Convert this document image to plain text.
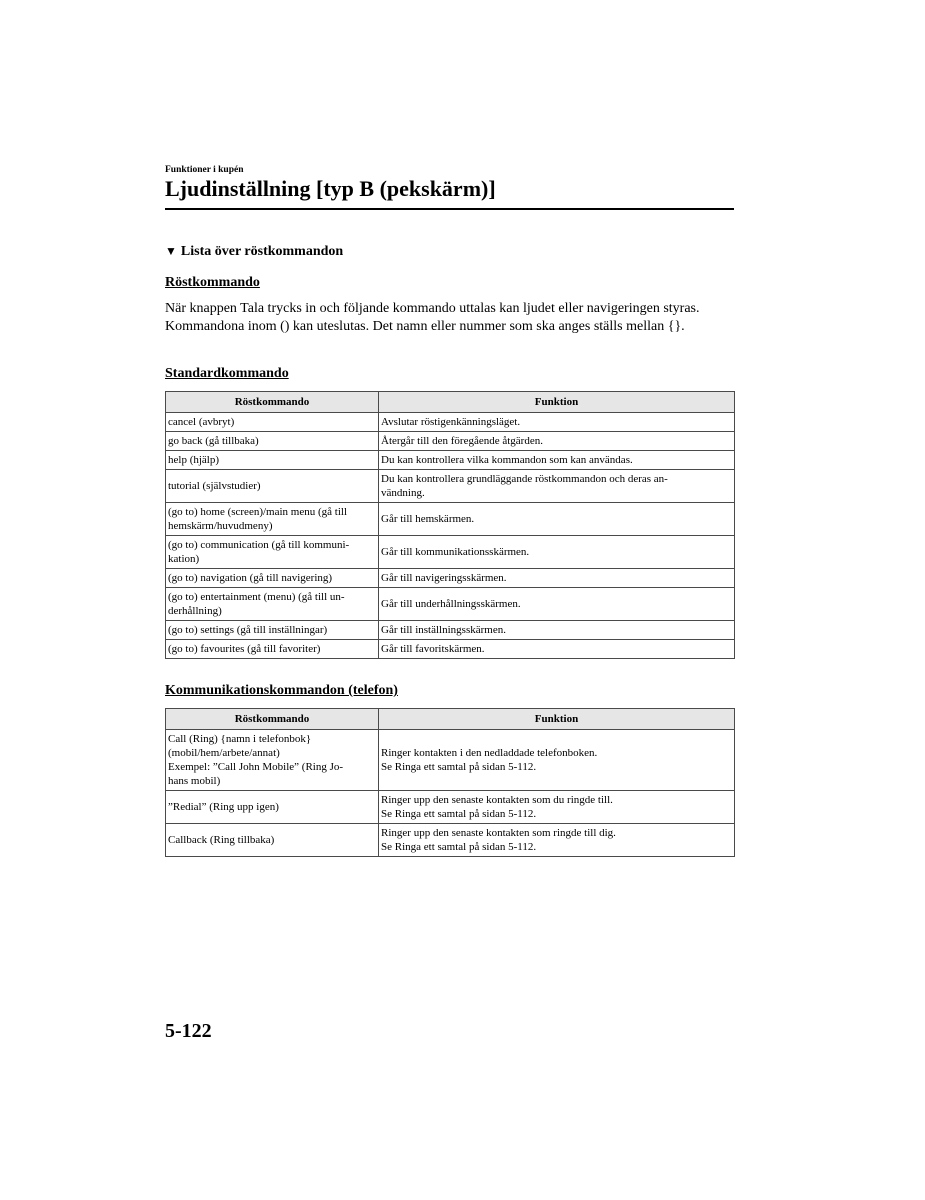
Funktioner i kupén
Ljudinställning [typ B (pekskärm)]
▼ Lista över röstkommandon
Röstkommando

När knappen Tala trycks in och följande kommando uttalas kan ljudet eller navigeringen styras. Kommandona inom () kan uteslutas. Det namn eller nummer som ska anges ställs mellan {}.

Standardkommando
Röstkommando	Funktion
cancel (avbryt)	Avslutar röstigenkänningsläget.
go back (gå tillbaka)	Återgår till den föregående åtgärden.
help (hjälp)	Du kan kontrollera vilka kommandon som kan användas.
tutorial (självstudier)	Du kan kontrollera grundläggande röstkommandon och deras an-
vändning.
(go to) home (screen)/main menu (gå till
hemskärm/huvudmeny)	Går till hemskärmen.
(go to) communication (gå till kommuni-
kation)	Går till kommunikationsskärmen.
(go to) navigation (gå till navigering)	Går till navigeringsskärmen.
(go to) entertainment (menu) (gå till un-
derhållning)	Går till underhållningsskärmen.
(go to) settings (gå till inställningar)	Går till inställningsskärmen.
(go to) favourites (gå till favoriter)	Går till favoritskärmen.
Kommunikationskommandon (telefon)
Röstkommando	Funktion
Call (Ring) {namn i telefonbok}
(mobil/hem/arbete/annat)
Exempel: ”Call John Mobile” (Ring Jo-
hans mobil)	Ringer kontakten i den nedladdade telefonboken.
Se Ringa ett samtal på sidan 5-112.
”Redial” (Ring upp igen)	Ringer upp den senaste kontakten som du ringde till.
Se Ringa ett samtal på sidan 5-112.
Callback (Ring tillbaka)	Ringer upp den senaste kontakten som ringde till dig.
Se Ringa ett samtal på sidan 5-112.
5-122
